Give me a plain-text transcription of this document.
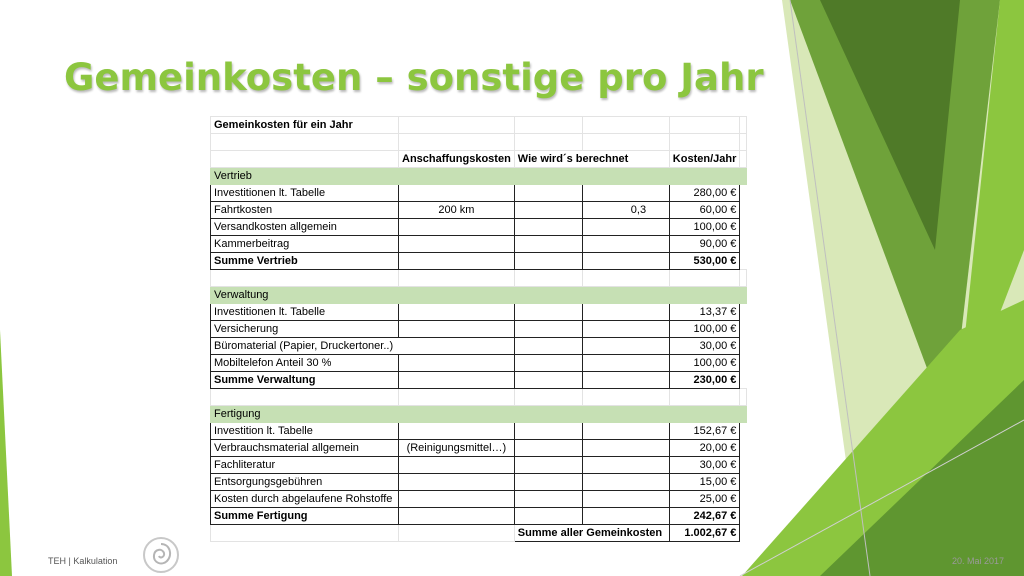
Gemeinkosten – sonstige pro Jahr
Gemeinkosten für ein Jahr					

	Anschaffungskosten	Wie wird´s berechnet		Kosten/Jahr	
Vertrieb					
Investitionen lt. Tabelle				280,00 €	
Fahrtkosten	200 km		0,3	60,00 €	
Versandkosten allgemein				100,00 €	
Kammerbeitrag				90,00 €	
Summe Vertrieb				530,00 €	

Verwaltung					
Investitionen lt. Tabelle				13,37 €	
Versicherung				100,00 €	
Büromaterial (Papier, Druckertoner..)				30,00 €	
Mobiltelefon Anteil 30 %				100,00 €	
Summe Verwaltung				230,00 €	

Fertigung					
Investition lt. Tabelle				152,67 €	
Verbrauchsmaterial allgemein	(Reinigungsmittel…)			20,00 €	
Fachliteratur				30,00 €	
Entsorgungsgebühren				15,00 €	
Kosten durch abgelaufene Rohstoffe				25,00 €	
Summe Fertigung				242,67 €	
		Summe aller Gemeinkosten		1.002,67 €	
TEH | Kalkulation	20. Mai 2017
